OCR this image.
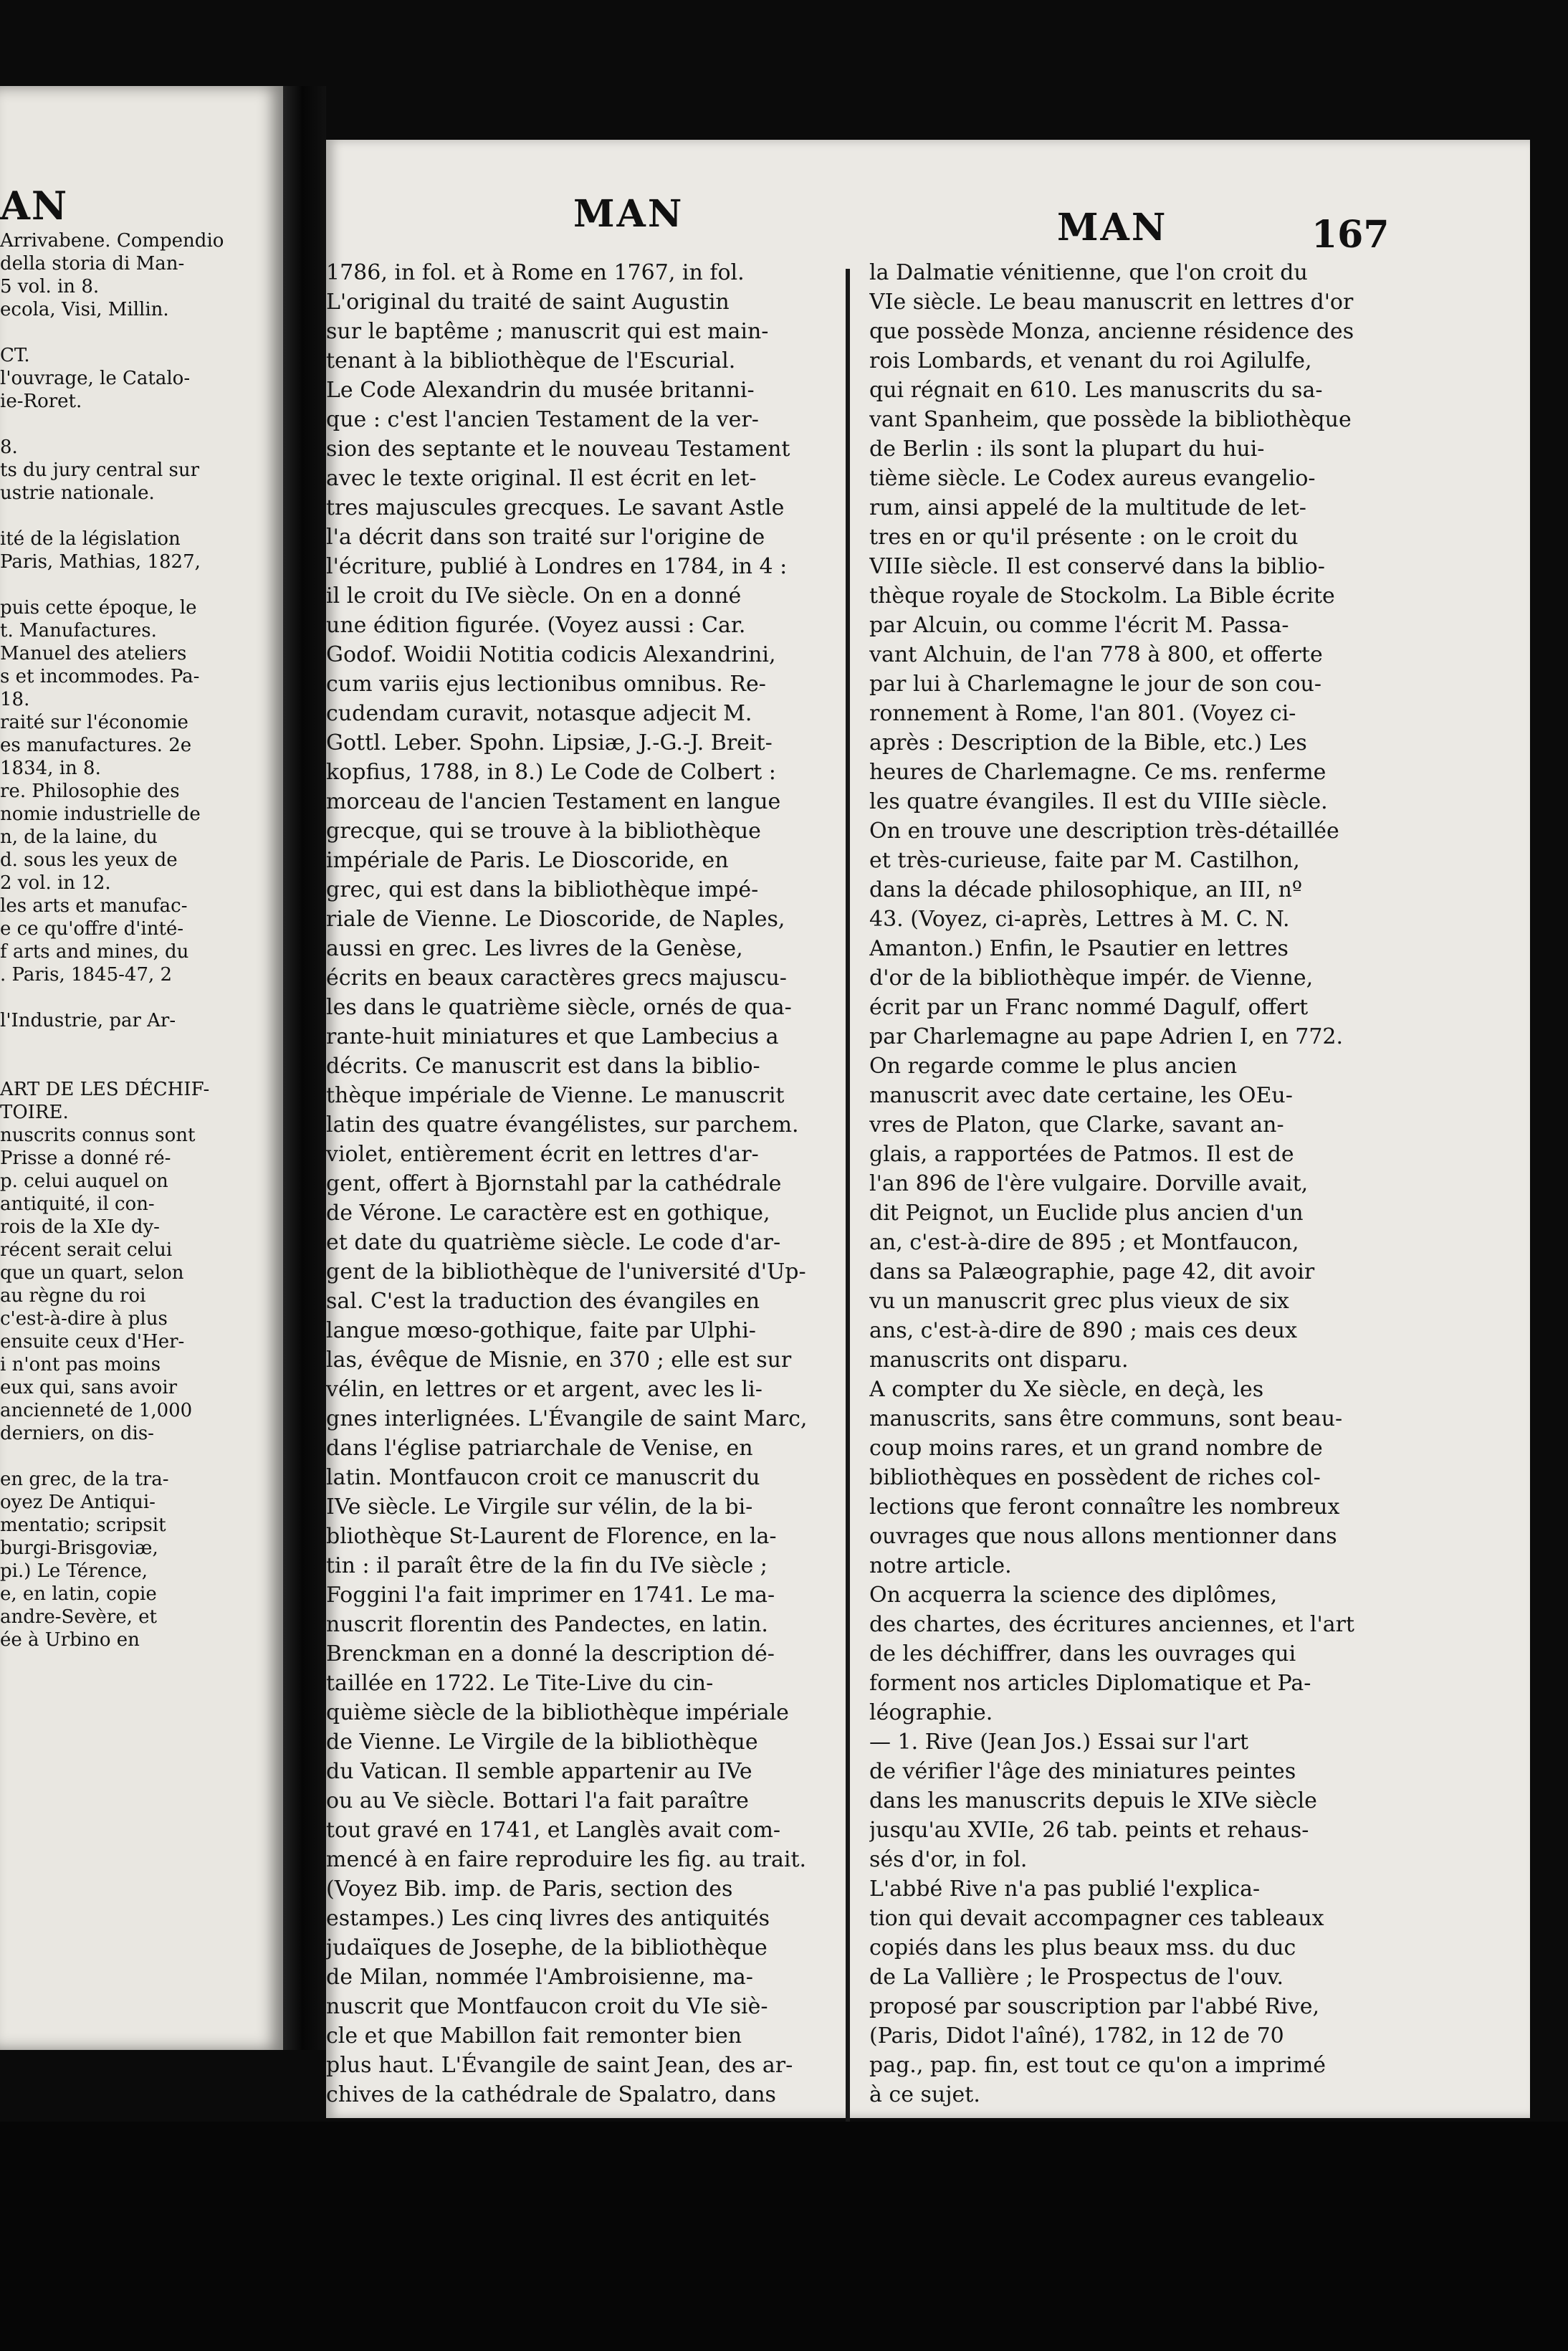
AN
Arrivabene. Compendio
della storia di Man-
5 vol. in 8.
ecola, Visi, Millin.

CT.
l'ouvrage, le Catalo-
ie-Roret.

8.
ts du jury central sur
ustrie nationale.

ité de la législation
Paris, Mathias, 1827,

puis cette époque, le
t. Manufactures.
Manuel des ateliers
s et incommodes. Pa-
18.
raité sur l'économie
es manufactures. 2e
1834, in 8.
re. Philosophie des
nomie industrielle de
n, de la laine, du
d. sous les yeux de
2 vol. in 12.
les arts et manufac-
e ce qu'offre d'inté-
f arts and mines, du
. Paris, 1845-47, 2

l'Industrie, par Ar-

ART DE LES DÉCHIF-
TOIRE.
nuscrits connus sont
Prisse a donné ré-
p. celui auquel on
antiquité, il con-
rois de la XIe dy-
récent serait celui
que un quart, selon
au règne du roi
c'est-à-dire à plus
ensuite ceux d'Her-
i n'ont pas moins
eux qui, sans avoir
ancienneté de 1,000
derniers, on dis-

en grec, de la tra-
oyez De Antiqui-
mentatio; scripsit
burgi-Brisgoviæ,
pi.) Le Térence,
e, en latin, copie
andre-Sevère, et
ée à Urbino en
MAN	MAN	167
1786, in fol. et à Rome en 1767, in fol.
L'original du traité de saint Augustin
sur le baptême ; manuscrit qui est main-
tenant à la bibliothèque de l'Escurial.
Le Code Alexandrin du musée britanni-
que : c'est l'ancien Testament de la ver-
sion des septante et le nouveau Testament
avec le texte original. Il est écrit en let-
tres majuscules grecques. Le savant Astle
l'a décrit dans son traité sur l'origine de
l'écriture, publié à Londres en 1784, in 4 :
il le croit du IVe siècle. On en a donné
une édition figurée. (Voyez aussi : Car.
Godof. Woidii Notitia codicis Alexandrini,
cum variis ejus lectionibus omnibus. Re-
cudendam curavit, notasque adjecit M.
Gottl. Leber. Spohn. Lipsiæ, J.-G.-J. Breit-
kopfius, 1788, in 8.) Le Code de Colbert :
morceau de l'ancien Testament en langue
grecque, qui se trouve à la bibliothèque
impériale de Paris. Le Dioscoride, en
grec, qui est dans la bibliothèque impé-
riale de Vienne. Le Dioscoride, de Naples,
aussi en grec. Les livres de la Genèse,
écrits en beaux caractères grecs majuscu-
les dans le quatrième siècle, ornés de qua-
rante-huit miniatures et que Lambecius a
décrits. Ce manuscrit est dans la biblio-
thèque impériale de Vienne. Le manuscrit
latin des quatre évangélistes, sur parchem.
violet, entièrement écrit en lettres d'ar-
gent, offert à Bjornstahl par la cathédrale
de Vérone. Le caractère est en gothique,
et date du quatrième siècle. Le code d'ar-
gent de la bibliothèque de l'université d'Up-
sal. C'est la traduction des évangiles en
langue mœso-gothique, faite par Ulphi-
las, évêque de Misnie, en 370 ; elle est sur
vélin, en lettres or et argent, avec les li-
gnes interlignées. L'Évangile de saint Marc,
dans l'église patriarchale de Venise, en
latin. Montfaucon croit ce manuscrit du
IVe siècle. Le Virgile sur vélin, de la bi-
bliothèque St-Laurent de Florence, en la-
tin : il paraît être de la fin du IVe siècle ;
Foggini l'a fait imprimer en 1741. Le ma-
nuscrit florentin des Pandectes, en latin.
Brenckman en a donné la description dé-
taillée en 1722. Le Tite-Live du cin-
quième siècle de la bibliothèque impériale
de Vienne. Le Virgile de la bibliothèque
du Vatican. Il semble appartenir au IVe
ou au Ve siècle. Bottari l'a fait paraître
tout gravé en 1741, et Langlès avait com-
mencé à en faire reproduire les fig. au trait.
(Voyez Bib. imp. de Paris, section des
estampes.) Les cinq livres des antiquités
judaïques de Josephe, de la bibliothèque
de Milan, nommée l'Ambroisienne, ma-
nuscrit que Montfaucon croit du VIe siè-
cle et que Mabillon fait remonter bien
plus haut. L'Évangile de saint Jean, des ar-
chives de la cathédrale de Spalatro, dans
la Dalmatie vénitienne, que l'on croit du
VIe siècle. Le beau manuscrit en lettres d'or
que possède Monza, ancienne résidence des
rois Lombards, et venant du roi Agilulfe,
qui régnait en 610. Les manuscrits du sa-
vant Spanheim, que possède la bibliothèque
de Berlin : ils sont la plupart du hui-
tième siècle. Le Codex aureus evangelio-
rum, ainsi appelé de la multitude de let-
tres en or qu'il présente : on le croit du
VIIIe siècle. Il est conservé dans la biblio-
thèque royale de Stockolm. La Bible écrite
par Alcuin, ou comme l'écrit M. Passa-
vant Alchuin, de l'an 778 à 800, et offerte
par lui à Charlemagne le jour de son cou-
ronnement à Rome, l'an 801. (Voyez ci-
après : Description de la Bible, etc.) Les
heures de Charlemagne. Ce ms. renferme
les quatre évangiles. Il est du VIIIe siècle.
On en trouve une description très-détaillée
et très-curieuse, faite par M. Castilhon,
dans la décade philosophique, an III, nº
43. (Voyez, ci-après, Lettres à M. C. N.
Amanton.) Enfin, le Psautier en lettres
d'or de la bibliothèque impér. de Vienne,
écrit par un Franc nommé Dagulf, offert
par Charlemagne au pape Adrien I, en 772.
On regarde comme le plus ancien
manuscrit avec date certaine, les OEu-
vres de Platon, que Clarke, savant an-
glais, a rapportées de Patmos. Il est de
l'an 896 de l'ère vulgaire. Dorville avait,
dit Peignot, un Euclide plus ancien d'un
an, c'est-à-dire de 895 ; et Montfaucon,
dans sa Palæographie, page 42, dit avoir
vu un manuscrit grec plus vieux de six
ans, c'est-à-dire de 890 ; mais ces deux
manuscrits ont disparu.
A compter du Xe siècle, en deçà, les
manuscrits, sans être communs, sont beau-
coup moins rares, et un grand nombre de
bibliothèques en possèdent de riches col-
lections que feront connaître les nombreux
ouvrages que nous allons mentionner dans
notre article.
On acquerra la science des diplômes,
des chartes, des écritures anciennes, et l'art
de les déchiffrer, dans les ouvrages qui
forment nos articles Diplomatique et Pa-
léographie.
— 1. Rive (Jean Jos.) Essai sur l'art
de vérifier l'âge des miniatures peintes
dans les manuscrits depuis le XIVe siècle
jusqu'au XVIIe, 26 tab. peints et rehaus-
sés d'or, in fol.
L'abbé Rive n'a pas publié l'explica-
tion qui devait accompagner ces tableaux
copiés dans les plus beaux mss. du duc
de La Vallière ; le Prospectus de l'ouv.
proposé par souscription par l'abbé Rive,
(Paris, Didot l'aîné), 1782, in 12 de 70
pag., pap. fin, est tout ce qu'on a imprimé
à ce sujet.
